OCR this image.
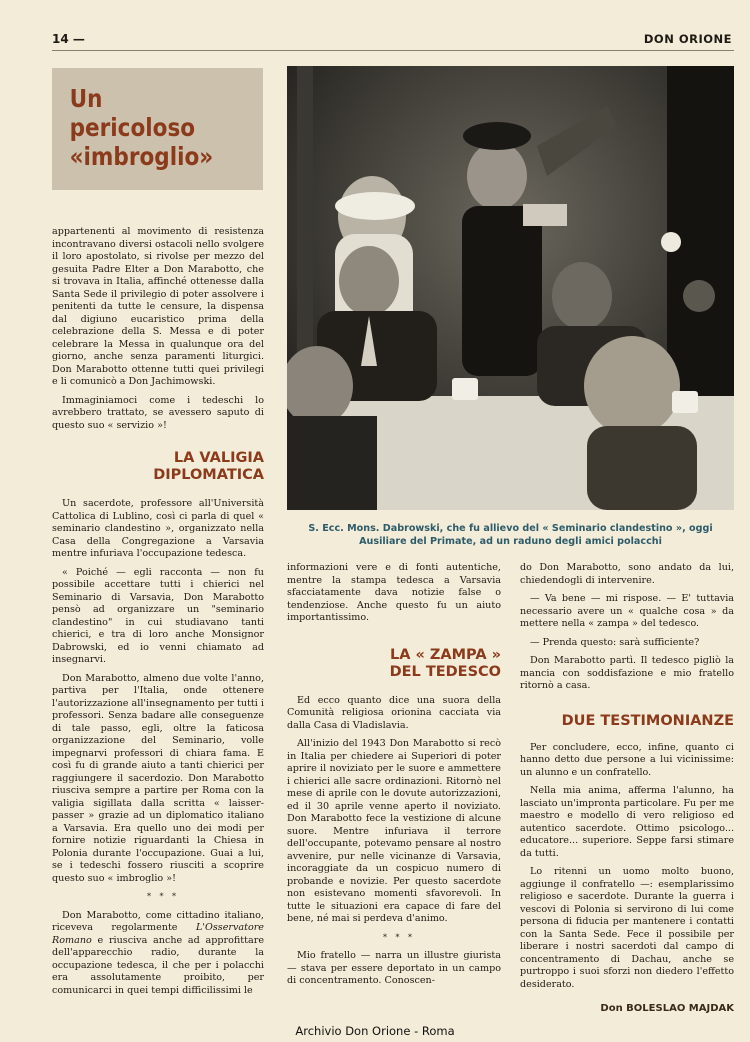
14 —	DON ORIONE
Un
pericoloso
«imbroglio»

appartenenti al movimento di resistenza incontravano diversi ostacoli nello svolgere il loro apostolato, si rivolse per mezzo del gesuita Padre Elter a Don Marabotto, che si trovava in Italia, affinché ottenesse dalla Santa Sede il privilegio di poter assolvere i penitenti da tutte le censure, la dispensa dal digiuno eucaristico prima della celebrazione della S. Messa e di poter celebrare la Messa in qualunque ora del giorno, anche senza paramenti liturgici. Don Marabotto ottenne tutti quei privilegi e li comunicò a Don Jachimowski.

Immaginiamoci come i tedeschi lo avrebbero trattato, se avessero saputo di questo suo « servizio »!

LA VALIGIA
DIPLOMATICA

Un sacerdote, professore all'Università Cattolica di Lublino, così ci parla di quel « seminario clandestino », organizzato nella Casa della Congregazione a Varsavia mentre infuriava l'occupazione tedesca.

« Poiché — egli racconta — non fu possibile accettare tutti i chierici nel Seminario di Varsavia, Don Marabotto pensò ad organizzare un "seminario clandestino" in cui studiavano tanti chierici, e tra di loro anche Monsignor Dabrowski, ed io venni chiamato ad insegnarvi.

Don Marabotto, almeno due volte l'anno, partiva per l'Italia, onde ottenere l'autorizzazione all'insegnamento per tutti i professori. Senza badare alle conseguenze di tale passo, egli, oltre la faticosa organizzazione del Seminario, volle impegnarvi professori di chiara fama. E così fu di grande aiuto a tanti chierici per raggiungere il sacerdozio. Don Marabotto riusciva sempre a partire per Roma con la valigia sigillata dalla scritta « laisser-passer » grazie ad un diplomatico italiano a Varsavia. Era quello uno dei modi per fornire notizie riguardanti la Chiesa in Polonia durante l'occupazione. Guai a lui, se i tedeschi fossero riusciti a scoprire questo suo « imbroglio »!

* * *

Don Marabotto, come cittadino italiano, riceveva regolarmente L'Osservatore Romano e riusciva anche ad approfittare dell'apparecchio radio, durante la occupazione tedesca, il che per i polacchi era assolutamente proibito, per comunicarci in quei tempi difficilissimi le

S. Ecc. Mons. Dabrowski, che fu allievo del « Seminario clandestino », oggi Ausiliare del Primate, ad un raduno degli amici polacchi

informazioni vere e di fonti autentiche, mentre la stampa tedesca a Varsavia sfacciatamente dava notizie false o tendenziose. Anche questo fu un aiuto importantissimo.

LA « ZAMPA »
DEL TEDESCO

Ed ecco quanto dice una suora della Comunità religiosa orionina cacciata via dalla Casa di Vladislavia.

All'inizio del 1943 Don Marabotto si recò in Italia per chiedere ai Superiori di poter aprire il noviziato per le suore e ammettere i chierici alle sacre ordinazioni. Ritornò nel mese di aprile con le dovute autorizzazioni, ed il 30 aprile venne aperto il noviziato. Don Marabotto fece la vestizione di alcune suore. Mentre infuriava il terrore dell'occupante, potevamo pensare al nostro avvenire, pur nelle vicinanze di Varsavia, incoraggiate da un cospicuo numero di probande e novizie. Per questo sacerdote non esistevano momenti sfavorevoli. In tutte le situazioni era capace di fare del bene, né mai si perdeva d'animo.

* * *

Mio fratello — narra un illustre giurista — stava per essere deportato in un campo di concentramento. Conoscen-

do Don Marabotto, sono andato da lui, chiedendogli di intervenire.

— Va bene — mi rispose. — E' tuttavia necessario avere un « qualche cosa » da mettere nella « zampa » del tedesco.

— Prenda questo: sarà sufficiente?

Don Marabotto partì. Il tedesco pigliò la mancia con soddisfazione e mio fratello ritornò a casa.

DUE TESTIMONIANZE

Per concludere, ecco, infine, quanto ci hanno detto due persone a lui vicinissime: un alunno e un confratello.

Nella mia anima, afferma l'alunno, ha lasciato un'impronta particolare. Fu per me maestro e modello di vero religioso ed autentico sacerdote. Ottimo psicologo... educatore... superiore. Seppe farsi stimare da tutti.

Lo ritenni un uomo molto buono, aggiunge il confratello —: esemplarissimo religioso e sacerdote. Durante la guerra i vescovi di Polonia si servirono di lui come persona di fiducia per mantenere i contatti con la Santa Sede. Fece il possibile per liberare i nostri sacerdoti dal campo di concentramento di Dachau, anche se purtroppo i suoi sforzi non diedero l'effetto desiderato.

Don BOLESLAO MAJDAK
Archivio Don Orione - Roma
